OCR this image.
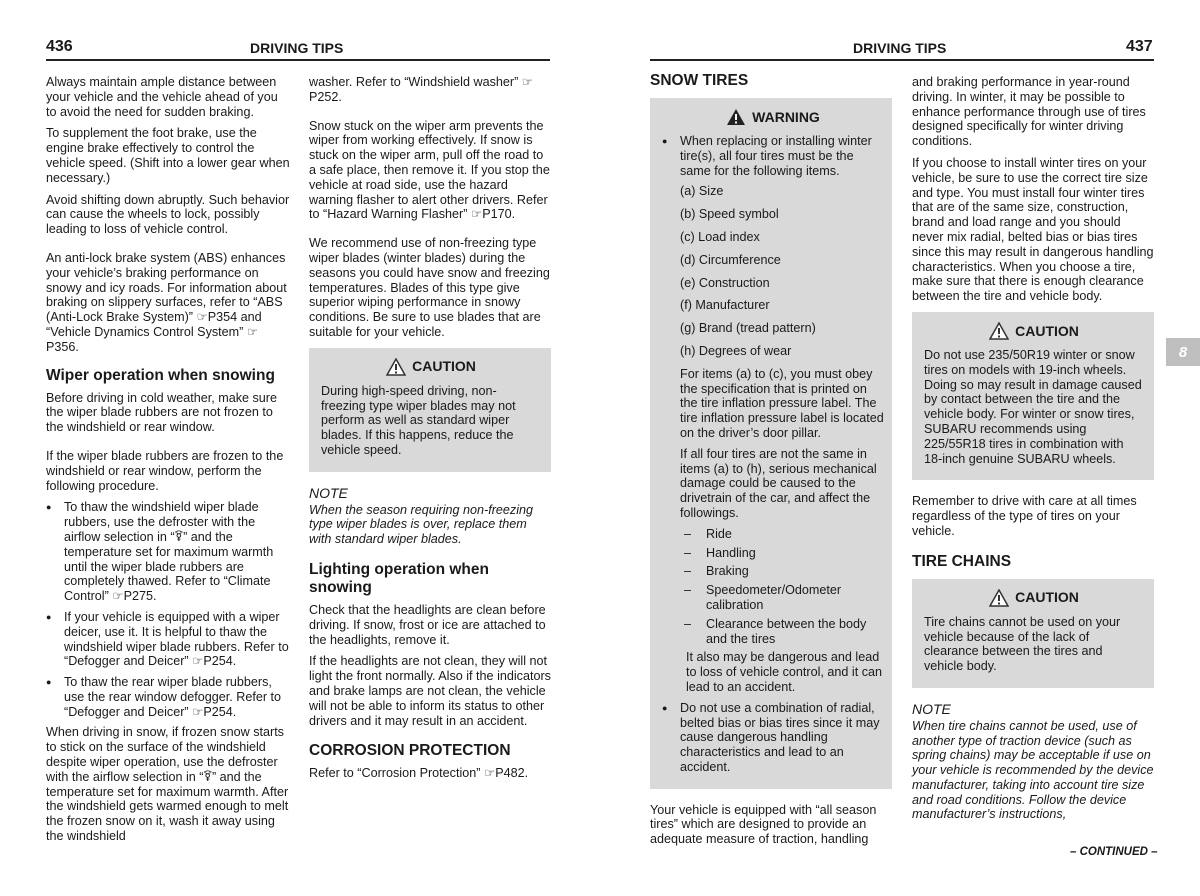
436	DRIVING TIPS

Always maintain ample distance between your vehicle and the vehicle ahead of you to avoid the need for sudden braking.

To supplement the foot brake, use the engine brake effectively to control the vehicle speed. (Shift into a lower gear when necessary.)

Avoid shifting down abruptly. Such behavior can cause the wheels to lock, possibly leading to loss of vehicle control.

An anti-lock brake system (ABS) enhances your vehicle’s braking performance on snowy and icy roads. For information about braking on slippery surfaces, refer to “ABS (Anti-Lock Brake System)” ☞P354 and “Vehicle Dynamics Control System” ☞P356.

Wiper operation when snowing

Before driving in cold weather, make sure the wiper blade rubbers are not frozen to the windshield or rear window.

If the wiper blade rubbers are frozen to the windshield or rear window, perform the following procedure.

● To thaw the windshield wiper blade rubbers, use the defroster with the airflow selection in “🜑” and the temperature set for maximum warmth until the wiper blade rubbers are completely thawed. Refer to “Climate Control” ☞P275.
● If your vehicle is equipped with a wiper deicer, use it. It is helpful to thaw the windshield wiper blade rubbers. Refer to “Defogger and Deicer” ☞P254.
● To thaw the rear wiper blade rubbers, use the rear window defogger. Refer to “Defogger and Deicer” ☞P254.

When driving in snow, if frozen snow starts to stick on the surface of the windshield despite wiper operation, use the defroster with the airflow selection in “🜑” and the temperature set for maximum warmth. After the windshield gets warmed enough to melt the frozen snow on it, wash it away using the windshield

washer. Refer to “Windshield washer” ☞P252.

Snow stuck on the wiper arm prevents the wiper from working effectively. If snow is stuck on the wiper arm, pull off the road to a safe place, then remove it. If you stop the vehicle at road side, use the hazard warning flasher to alert other drivers. Refer to “Hazard Warning Flasher” ☞P170.

We recommend use of non-freezing type wiper blades (winter blades) during the seasons you could have snow and freezing temperatures. Blades of this type give superior wiping performance in snowy conditions. Be sure to use blades that are suitable for your vehicle.

CAUTION

During high-speed driving, non-freezing type wiper blades may not perform as well as standard wiper blades. If this happens, reduce the vehicle speed.

NOTE
When the season requiring non-freezing type wiper blades is over, replace them with standard wiper blades.
Lighting operation when snowing

Check that the headlights are clean before driving. If snow, frost or ice are attached to the headlights, remove it.

If the headlights are not clean, they will not light the front normally. Also if the indicators and brake lamps are not clean, the vehicle will not be able to inform its status to other drivers and it may result in an accident.

CORROSION PROTECTION

Refer to “Corrosion Protection” ☞P482.

DRIVING TIPS	437
SNOW TIRES
WARNING
● When replacing or installing winter tire(s), all four tires must be the same for the following items.
(a) Size
(b) Speed symbol
(c) Load index
(d) Circumference
(e) Construction
(f) Manufacturer
(g) Brand (tread pattern)
(h) Degrees of wear

For items (a) to (c), you must obey the specification that is printed on the tire inflation pressure label. The tire inflation pressure label is located on the driver’s door pillar.

If all four tires are not the same in items (a) to (h), serious mechanical damage could be caused to the drivetrain of the car, and affect the followings.

– Ride
– Handling
– Braking
– Speedometer/Odometer calibration
– Clearance between the body and the tires

It also may be dangerous and lead to loss of vehicle control, and it can lead to an accident.

● Do not use a combination of radial, belted bias or bias tires since it may cause dangerous handling characteristics and lead to an accident.

Your vehicle is equipped with “all season tires” which are designed to provide an adequate measure of traction, handling

and braking performance in year-round driving. In winter, it may be possible to enhance performance through use of tires designed specifically for winter driving conditions.

If you choose to install winter tires on your vehicle, be sure to use the correct tire size and type. You must install four winter tires that are of the same size, construction, brand and load range and you should never mix radial, belted bias or bias tires since this may result in dangerous handling characteristics. When you choose a tire, make sure that there is enough clearance between the tire and vehicle body.

CAUTION

Do not use 235/50R19 winter or snow tires on models with 19-inch wheels. Doing so may result in damage caused by contact between the tire and the vehicle body. For winter or snow tires, SUBARU recommends using 225/55R18 tires in combination with 18-inch genuine SUBARU wheels.

Remember to drive with care at all times regardless of the type of tires on your vehicle.

TIRE CHAINS
CAUTION

Tire chains cannot be used on your vehicle because of the lack of clearance between the tires and vehicle body.

NOTE
When tire chains cannot be used, use of another type of traction device (such as spring chains) may be acceptable if use on your vehicle is recommended by the device manufacturer, taking into account tire size and road conditions. Follow the device manufacturer’s instructions,
8
– CONTINUED –
